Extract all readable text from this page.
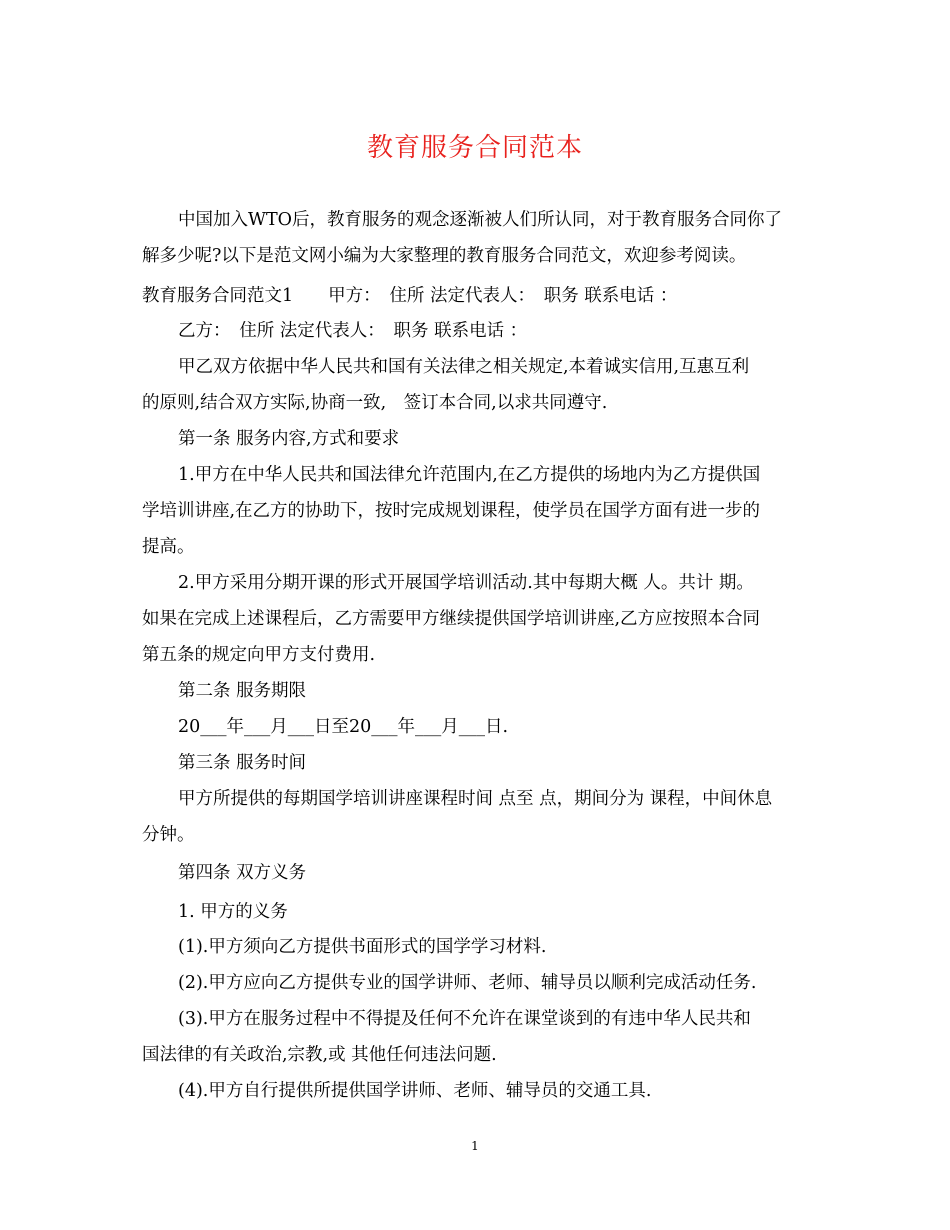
教育服务合同范本

中国加入WTO后，教育服务的观念逐渐被人们所认同，对于教育服务合同你了

解多少呢?以下是范文网小编为大家整理的教育服务合同范文，欢迎参考阅读。

教育服务合同范文1　　甲方：　住所 法定代表人：　职务 联系电话 ：

乙方：　住所 法定代表人：　职务 联系电话 ：

甲乙双方依据中华人民共和国有关法律之相关规定,本着诚实信用,互惠互利

的原则,结合双方实际,协商一致,　签订本合同,以求共同遵守.

第一条 服务内容,方式和要求

1.甲方在中华人民共和国法律允许范围内,在乙方提供的场地内为乙方提供国

学培训讲座,在乙方的协助下，按时完成规划课程，使学员在国学方面有进一步的

提高。

2.甲方采用分期开课的形式开展国学培训活动.其中每期大概 人。共计 期。

如果在完成上述课程后，乙方需要甲方继续提供国学培训讲座,乙方应按照本合同

第五条的规定向甲方支付费用.

第二条 服务期限

20___年___月___日至20___年___月___日.

第三条 服务时间

甲方所提供的每期国学培训讲座课程时间 点至 点，期间分为 课程，中间休息

分钟。

第四条 双方义务

1. 甲方的义务

(1).甲方须向乙方提供书面形式的国学学习材料.

(2).甲方应向乙方提供专业的国学讲师、老师、辅导员以顺利完成活动任务.

(3).甲方在服务过程中不得提及任何不允许在课堂谈到的有违中华人民共和

国法律的有关政治,宗教,或 其他任何违法问题.

(4).甲方自行提供所提供国学讲师、老师、辅导员的交通工具.

1
